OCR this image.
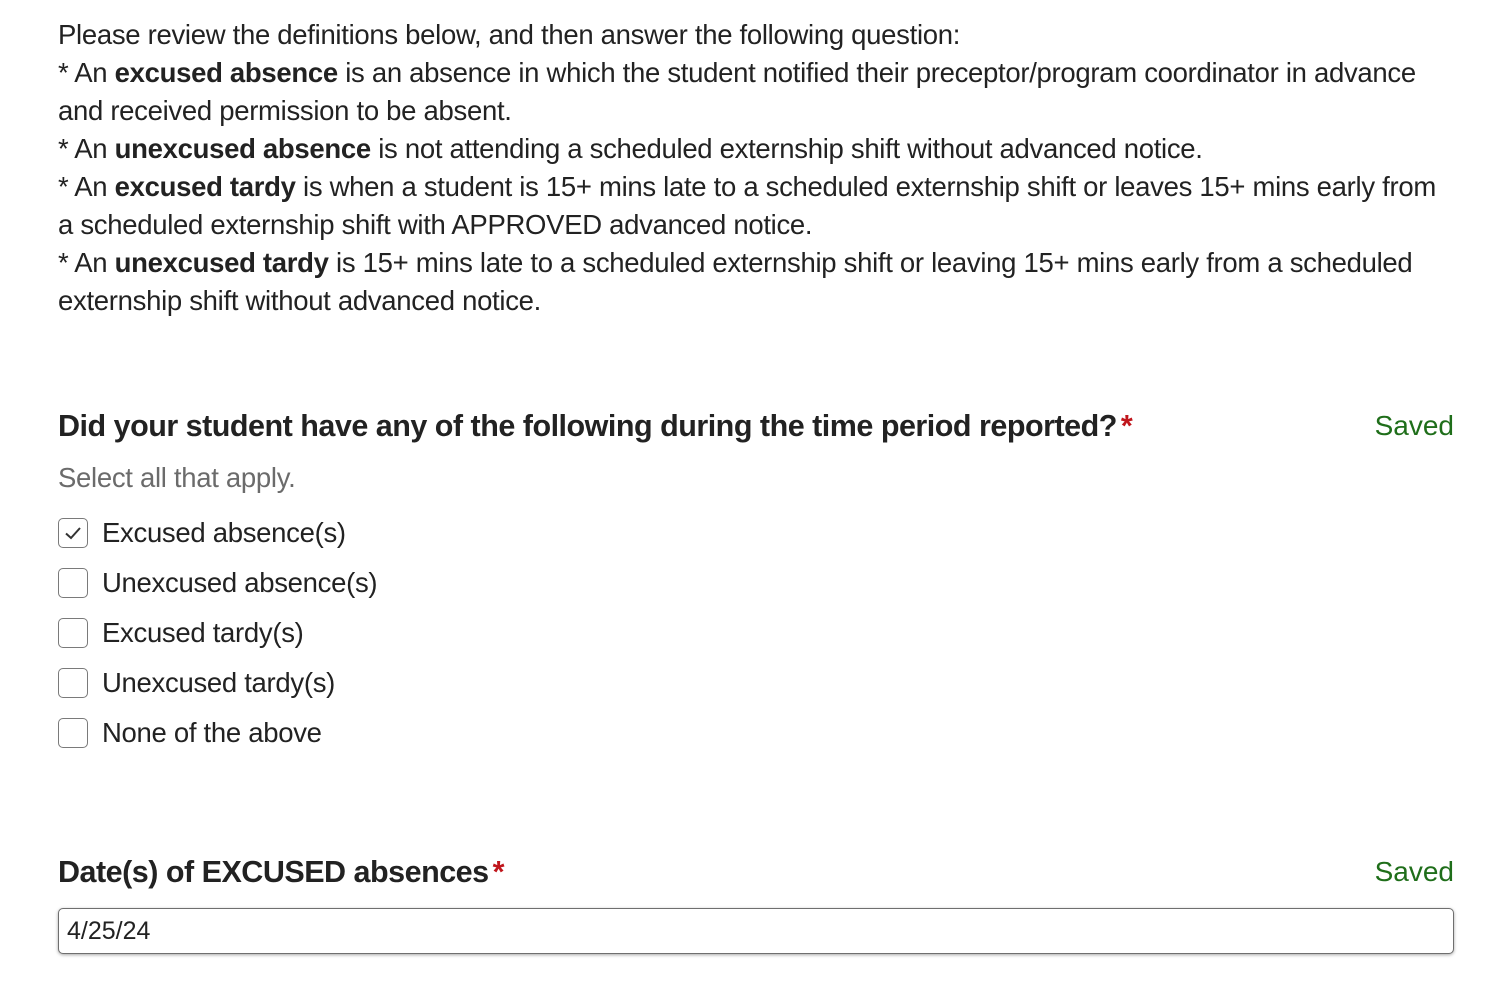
Please review the definitions below, and then answer the following question:

* An excused absence is an absence in which the student notified their preceptor/program coordinator in advance and received permission to be absent.

* An unexcused absence is not attending a scheduled externship shift without advanced notice.

* An excused tardy is when a student is 15+ mins late to a scheduled externship shift or leaves 15+ mins early from a scheduled externship shift with APPROVED advanced notice.

* An unexcused tardy is 15+ mins late to a scheduled externship shift or leaving 15+ mins early from a scheduled externship shift without advanced notice.

Did your student have any of the following during the time period reported? *	Saved
Select all that apply.
Excused absence(s)
Unexcused absence(s)
Excused tardy(s)
Unexcused tardy(s)
None of the above
Date(s) of EXCUSED absences *	Saved
4/25/24
